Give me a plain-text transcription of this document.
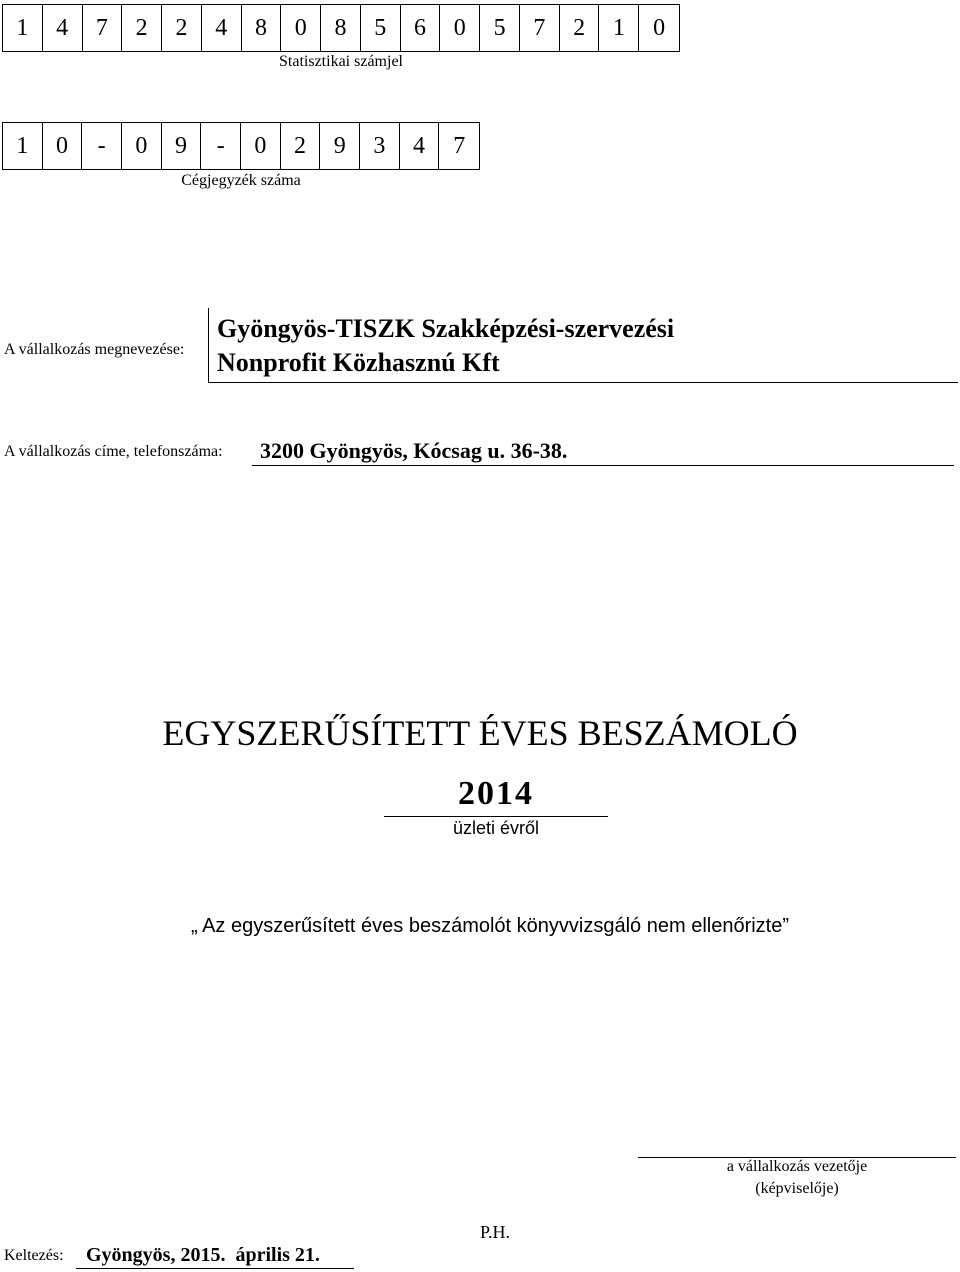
1	4	7	2	2	4	8	0	8	5	6	0	5	7	2	1	0
Statisztikai számjel
1	0	-	0	9	-	0	2	9	3	4	7
Cégjegyzék száma
A vállalkozás megnevezése:
Gyöngyös-TISZK Szakképzési-szervezési
Nonprofit Közhasznú Kft
A vállalkozás címe, telefonszáma: 3200 Gyöngyös, Kócsag u. 36-38.
EGYSZERŰSÍTETT ÉVES BESZÁMOLÓ
2014
üzleti évről
„ Az egyszerűsített éves beszámolót könyvvizsgáló nem ellenőrizte”
a vállalkozás vezetője
(képviselője)
P.H.
Keltezés: Gyöngyös, 2015.  április 21.
